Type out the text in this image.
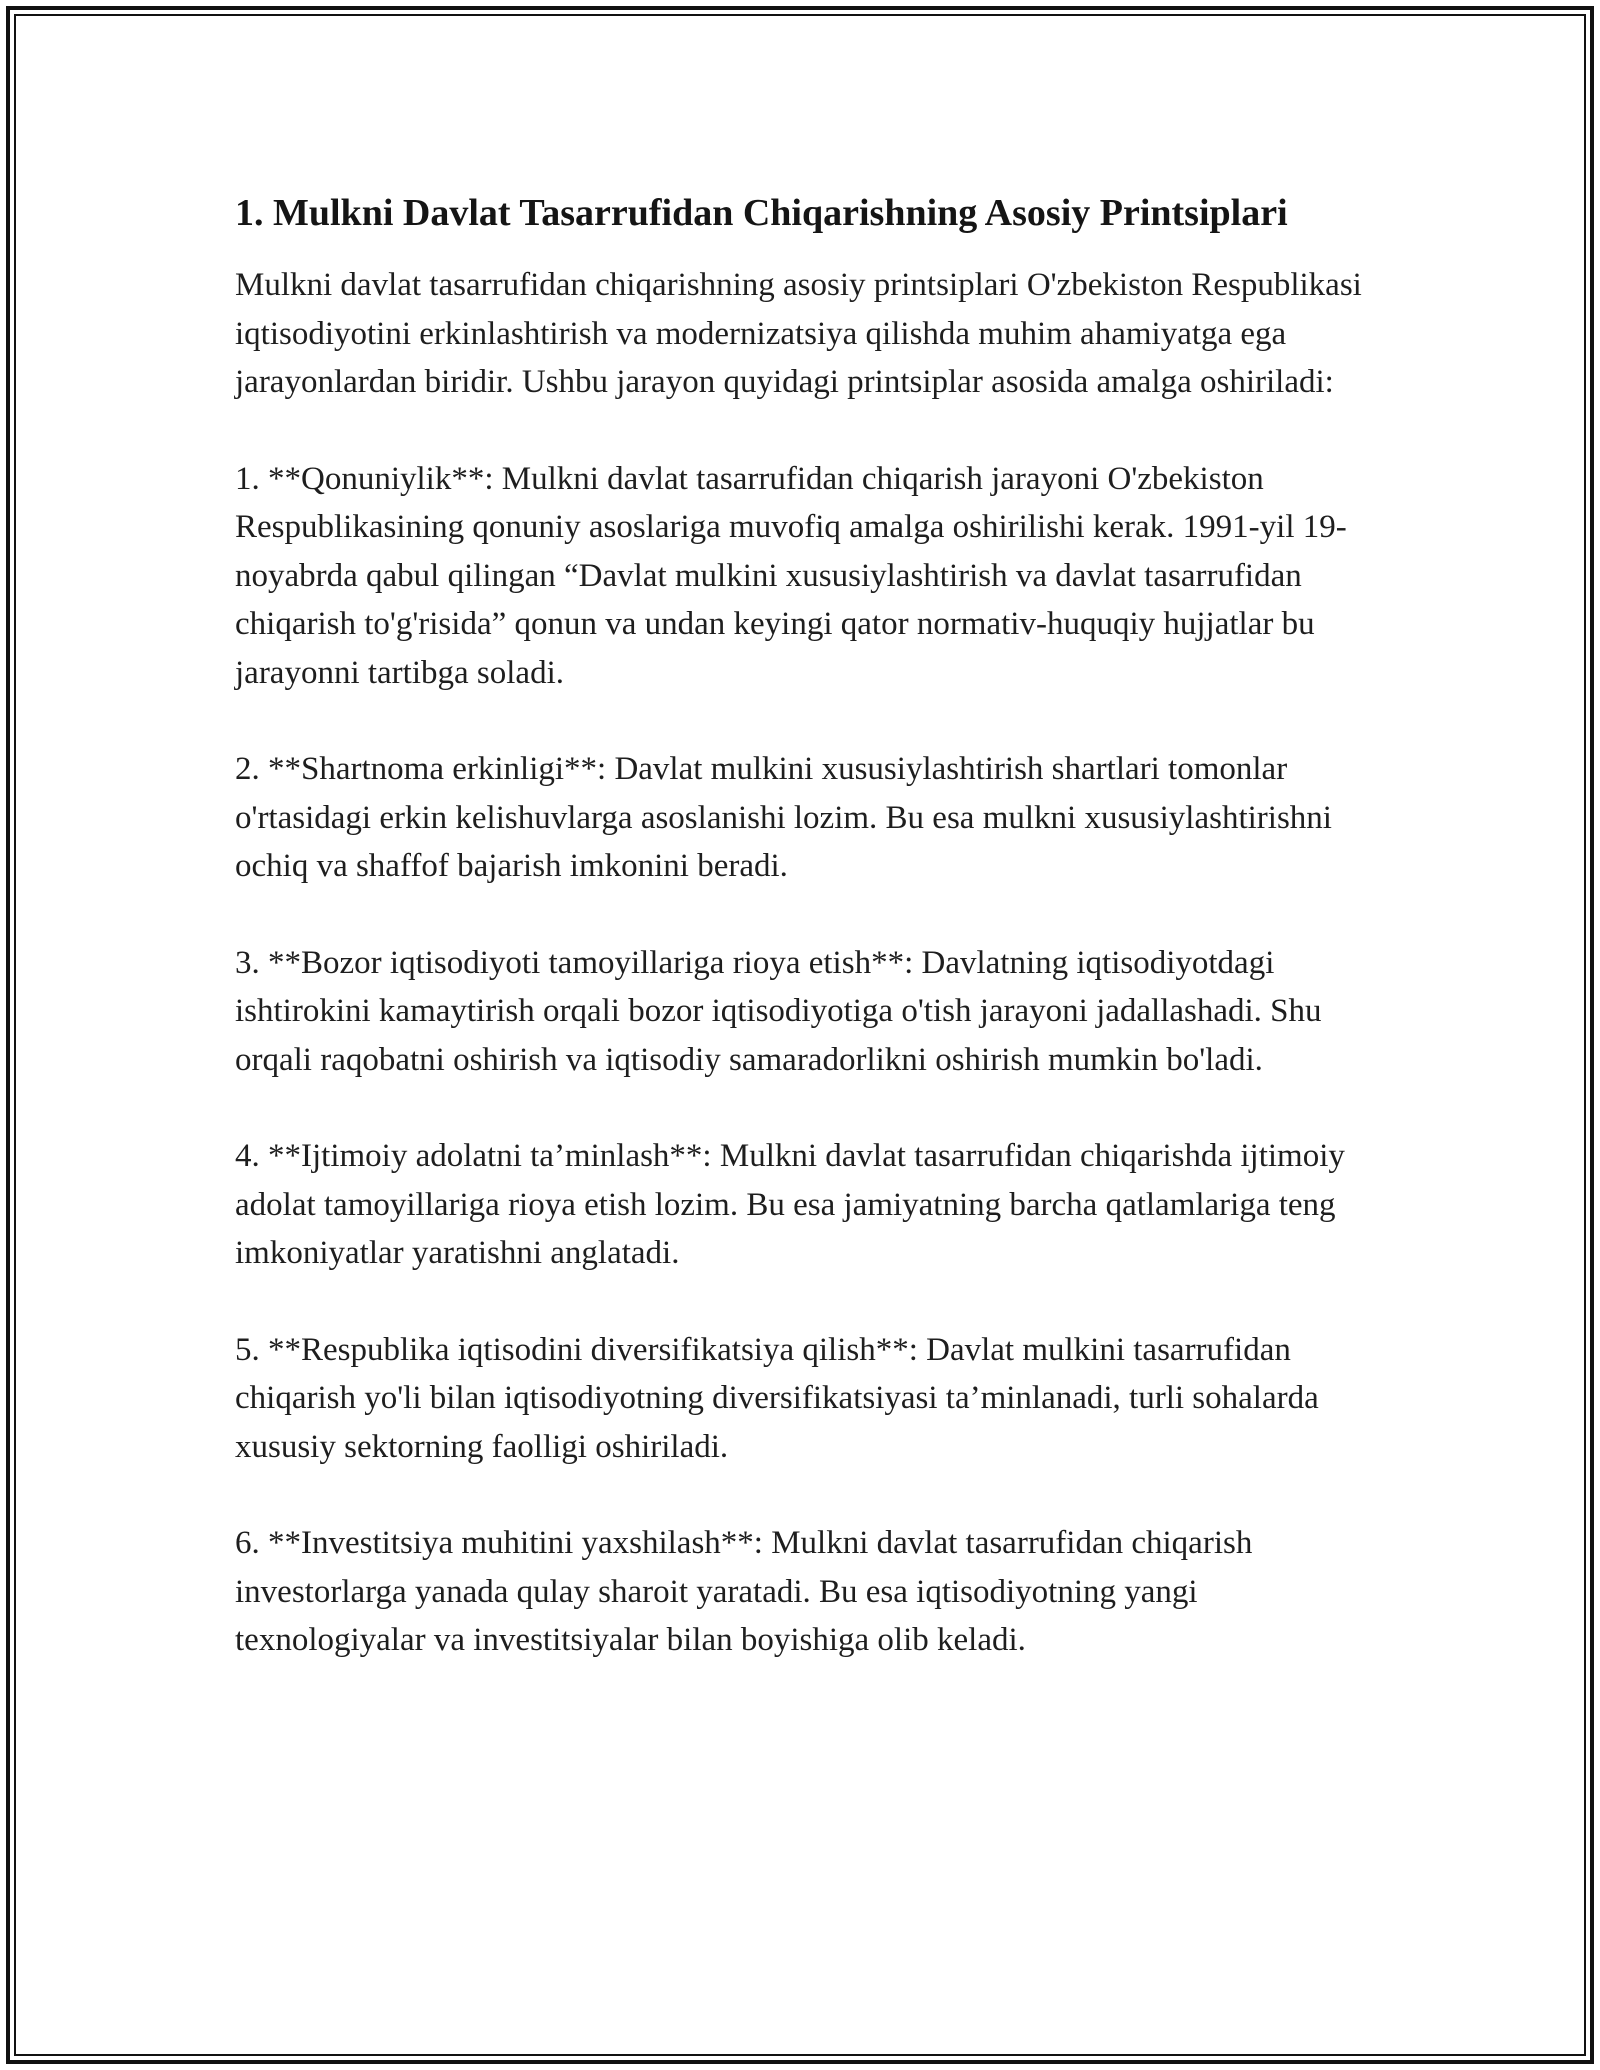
1. Mulkni Davlat Tasarrufidan Chiqarishning Asosiy Printsiplari

Mulkni davlat tasarrufidan chiqarishning asosiy printsiplari O'zbekiston Respublikasi iqtisodiyotini erkinlashtirish va modernizatsiya qilishda muhim ahamiyatga ega jarayonlardan biridir. Ushbu jarayon quyidagi printsiplar asosida amalga oshiriladi:

1. **Qonuniylik**: Mulkni davlat tasarrufidan chiqarish jarayoni O'zbekiston Respublikasining qonuniy asoslariga muvofiq amalga oshirilishi kerak. 1991-yil 19-noyabrda qabul qilingan “Davlat mulkini xususiylashtirish va davlat tasarrufidan chiqarish to'g'risida” qonun va undan keyingi qator normativ-huquqiy hujjatlar bu jarayonni tartibga soladi.

2. **Shartnoma erkinligi**: Davlat mulkini xususiylashtirish shartlari tomonlar o'rtasidagi erkin kelishuvlarga asoslanishi lozim. Bu esa mulkni xususiylashtirishni ochiq va shaffof bajarish imkonini beradi.

3. **Bozor iqtisodiyoti tamoyillariga rioya etish**: Davlatning iqtisodiyotdagi ishtirokini kamaytirish orqali bozor iqtisodiyotiga o'tish jarayoni jadallashadi. Shu orqali raqobatni oshirish va iqtisodiy samaradorlikni oshirish mumkin bo'ladi.

4. **Ijtimoiy adolatni ta’minlash**: Mulkni davlat tasarrufidan chiqarishda ijtimoiy adolat tamoyillariga rioya etish lozim. Bu esa jamiyatning barcha qatlamlariga teng imkoniyatlar yaratishni anglatadi.

5. **Respublika iqtisodini diversifikatsiya qilish**: Davlat mulkini tasarrufidan chiqarish yo'li bilan iqtisodiyotning diversifikatsiyasi ta’minlanadi, turli sohalarda xususiy sektorning faolligi oshiriladi.

6. **Investitsiya muhitini yaxshilash**: Mulkni davlat tasarrufidan chiqarish investorlarga yanada qulay sharoit yaratadi. Bu esa iqtisodiyotning yangi texnologiyalar va investitsiyalar bilan boyishiga olib keladi.
